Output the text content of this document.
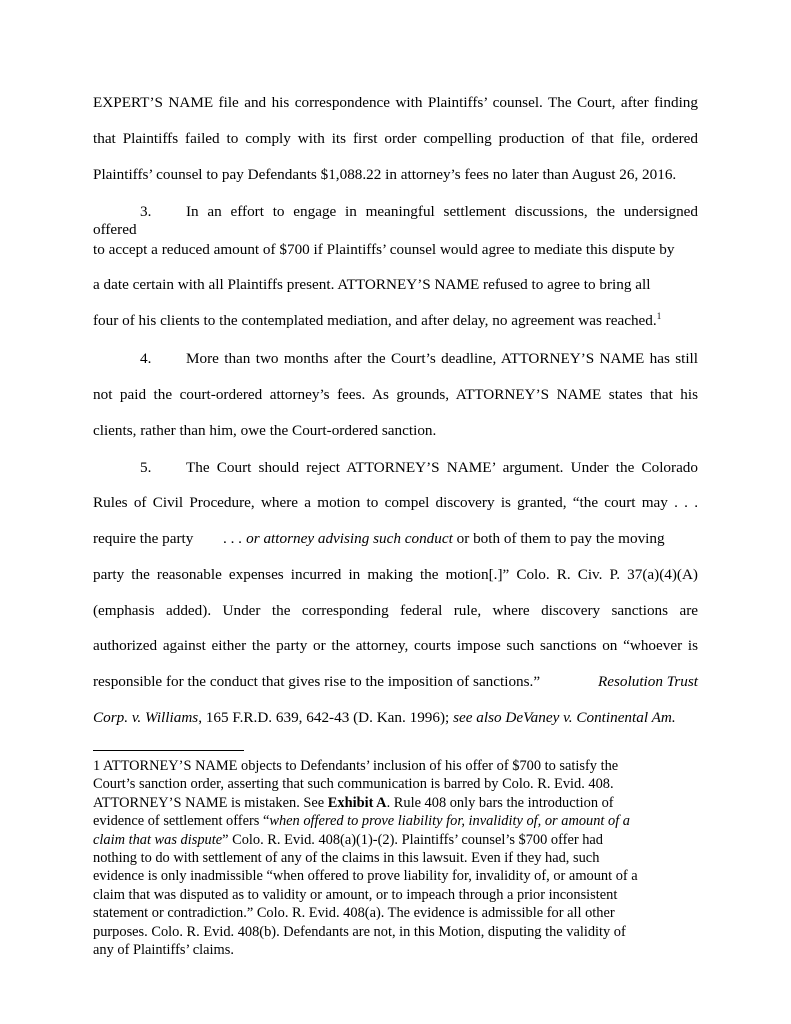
EXPERT’S NAME file and his correspondence with Plaintiffs’ counsel. The Court, after finding
that Plaintiffs failed to comply with its first order compelling production of that file, ordered
Plaintiffs’ counsel to pay Defendants $1,088.22 in attorney’s fees no later than August 26, 2016.
3. In an effort to engage in meaningful settlement discussions, the undersigned
offered
to accept a reduced amount of $700 if Plaintiffs’ counsel would agree to mediate this dispute by
a date certain with all Plaintiffs present. ATTORNEY’S NAME refused to agree to bring all
four of his clients to the contemplated mediation, and after delay, no agreement was reached.$^1$
4. More than two months after the Court’s deadline, ATTORNEY’S NAME has still
not paid the court-ordered attorney’s fees. As grounds, ATTORNEY’S NAME states that his
clients, rather than him, owe the Court-ordered sanction.
5. The Court should reject ATTORNEY’S NAME’ argument. Under the Colorado
Rules of Civil Procedure, where a motion to compel discovery is granted, “the court may . . .
require the party . . . or attorney advising such conduct or both of them to pay the moving
party the reasonable expenses incurred in making the motion[.]” Colo. R. Civ. P. 37(a)(4)(A)
(emphasis added). Under the corresponding federal rule, where discovery sanctions are
authorized against either the party or the attorney, courts impose such sanctions on “whoever is
responsible for the conduct that gives rise to the imposition of sanctions.”	Resolution Trust
Corp. v. Williams, 165 F.R.D. 639, 642-43 (D. Kan. 1996); see also DeVaney v. Continental Am.
1 ATTORNEY’S NAME objects to Defendants’ inclusion of his offer of $700 to satisfy the
Court’s sanction order, asserting that such communication is barred by Colo. R. Evid. 408.
ATTORNEY’S NAME is mistaken. See Exhibit A. Rule 408 only bars the introduction of
evidence of settlement offers “when offered to prove liability for, invalidity of, or amount of a
claim that was dispute” Colo. R. Evid. 408(a)(1)-(2). Plaintiffs’ counsel’s $700 offer had
nothing to do with settlement of any of the claims in this lawsuit. Even if they had, such
evidence is only inadmissible “when offered to prove liability for, invalidity of, or amount of a
claim that was disputed as to validity or amount, or to impeach through a prior inconsistent
statement or contradiction.” Colo. R. Evid. 408(a). The evidence is admissible for all other
purposes. Colo. R. Evid. 408(b). Defendants are not, in this Motion, disputing the validity of
any of Plaintiffs’ claims.
